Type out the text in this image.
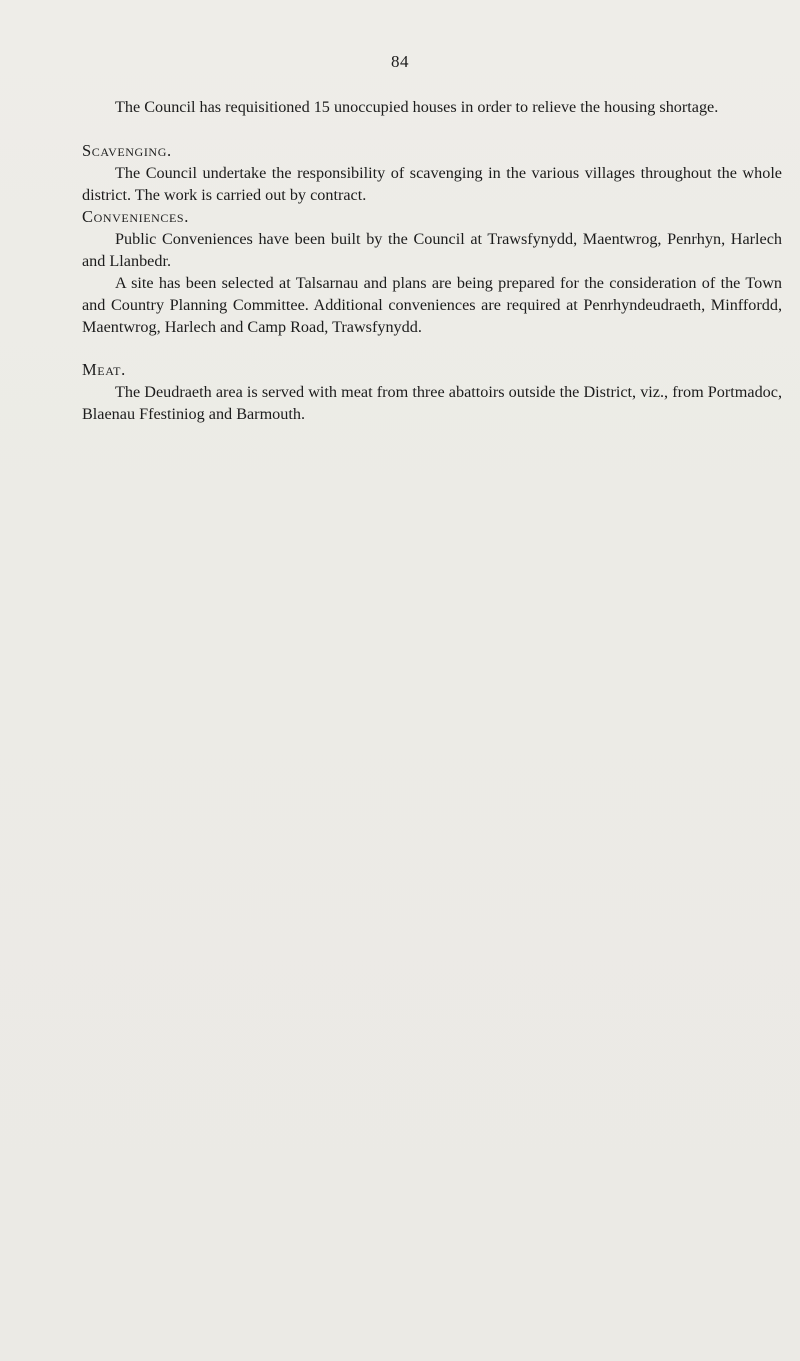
84

The Council has requisitioned 15 unoccupied houses in order to relieve the housing shortage.

Scavenging.

The Council undertake the responsibility of scavenging in the various villages throughout the whole district. The work is carried out by contract.

Conveniences.

Public Conveniences have been built by the Council at Trawsfynydd, Maentwrog, Penrhyn, Harlech and Llanbedr.

A site has been selected at Talsarnau and plans are being prepared for the consideration of the Town and Country Planning Committee. Additional conveniences are required at Penrhyndeudraeth, Minffordd, Maentwrog, Harlech and Camp Road, Trawsfynydd.

Meat.

The Deudraeth area is served with meat from three abattoirs outside the District, viz., from Portmadoc, Blaenau Ffestiniog and Barmouth.
